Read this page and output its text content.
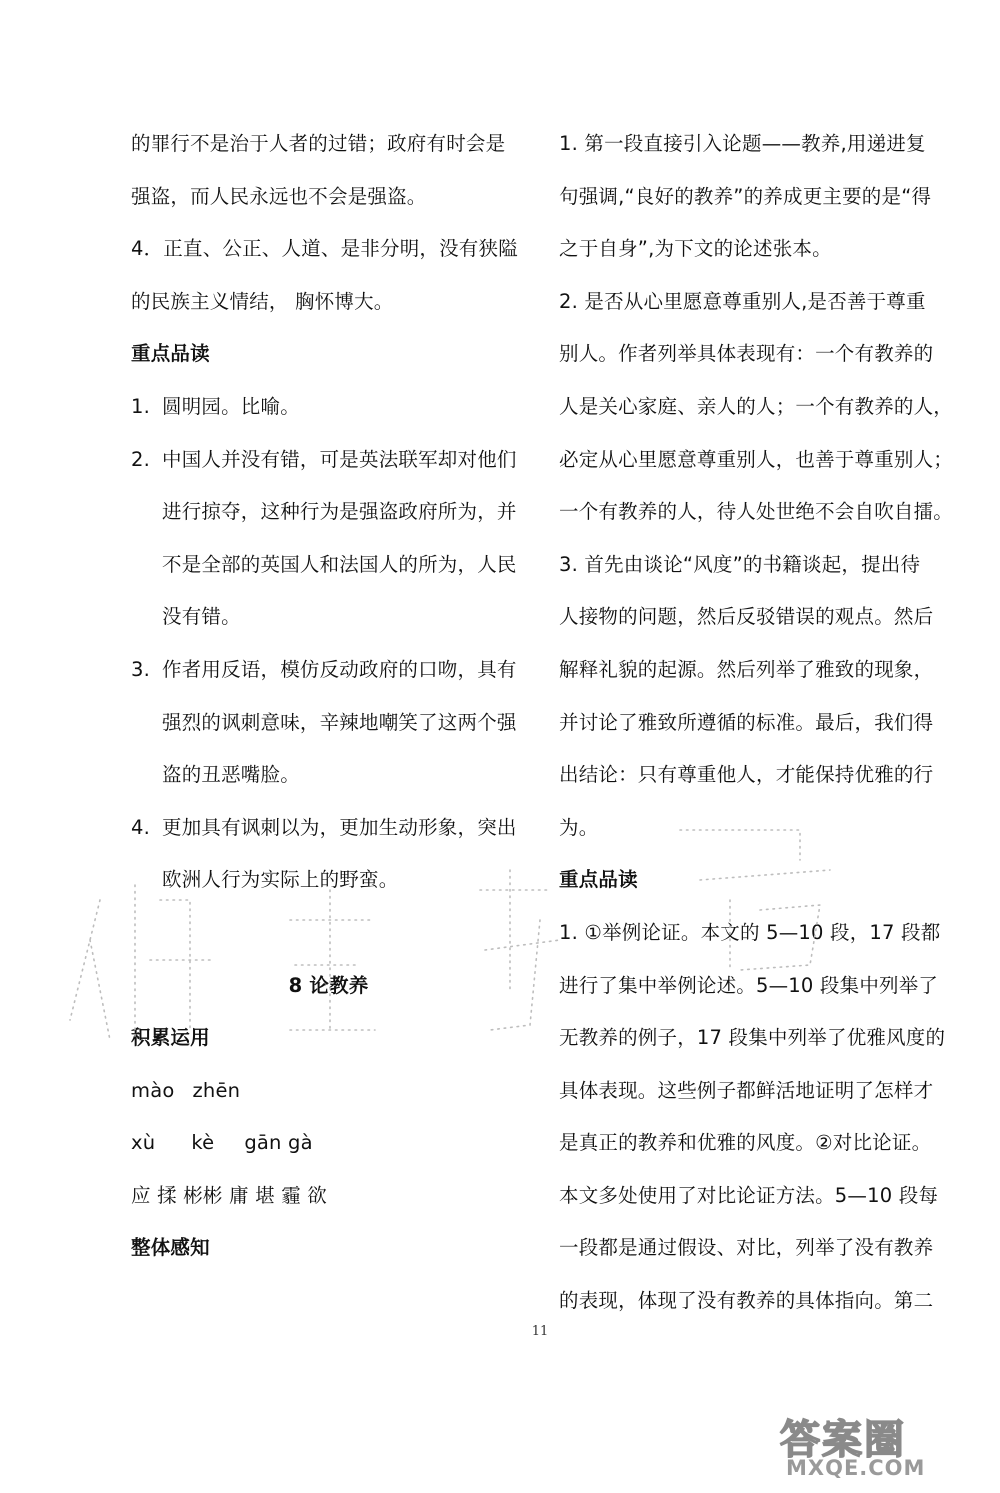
的罪行不是治于人者的过错；政府有时会是
强盗，而人民永远也不会是强盗。
4．正直、公正、人道、是非分明，没有狭隘
的民族主义情结， 胸怀博大。
重点品读
1. 圆明园。比喻。
2. 中国人并没有错，可是英法联军却对他们
进行掠夺，这种行为是强盗政府所为，并
不是全部的英国人和法国人的所为，人民
没有错。
3. 作者用反语，模仿反动政府的口吻，具有
强烈的讽刺意味，辛辣地嘲笑了这两个强
盗的丑恶嘴脸。
4. 更加具有讽刺以为，更加生动形象，突出
欧洲人行为实际上的野蛮。
8 论教养
积累运用
mào zhēn
xù kè gān gà
应 揉 彬彬 庸 堪 霾 欲
整体感知
1. 第一段直接引入论题——教养,用递进复
句强调,“良好的教养”的养成更主要的是“得
之于自身”,为下文的论述张本。
2. 是否从心里愿意尊重别人,是否善于尊重
别人。作者列举具体表现有：一个有教养的
人是关心家庭、亲人的人；一个有教养的人，
必定从心里愿意尊重别人，也善于尊重别人；
一个有教养的人，待人处世绝不会自吹自擂。
3. 首先由谈论“风度”的书籍谈起，提出待
人接物的问题，然后反驳错误的观点。然后
解释礼貌的起源。然后列举了雅致的现象，
并讨论了雅致所遵循的标准。最后，我们得
出结论：只有尊重他人，才能保持优雅的行
为。
重点品读
1. ①举例论证。本文的 5—10 段，17 段都
进行了集中举例论述。5—10 段集中列举了
无教养的例子，17 段集中列举了优雅风度的
具体表现。这些例子都鲜活地证明了怎样才
是真正的教养和优雅的风度。②对比论证。
本文多处使用了对比论证方法。5—10 段每
一段都是通过假设、对比，列举了没有教养
的表现，体现了没有教养的具体指向。第二
11
答案圈
MXQE.COM
